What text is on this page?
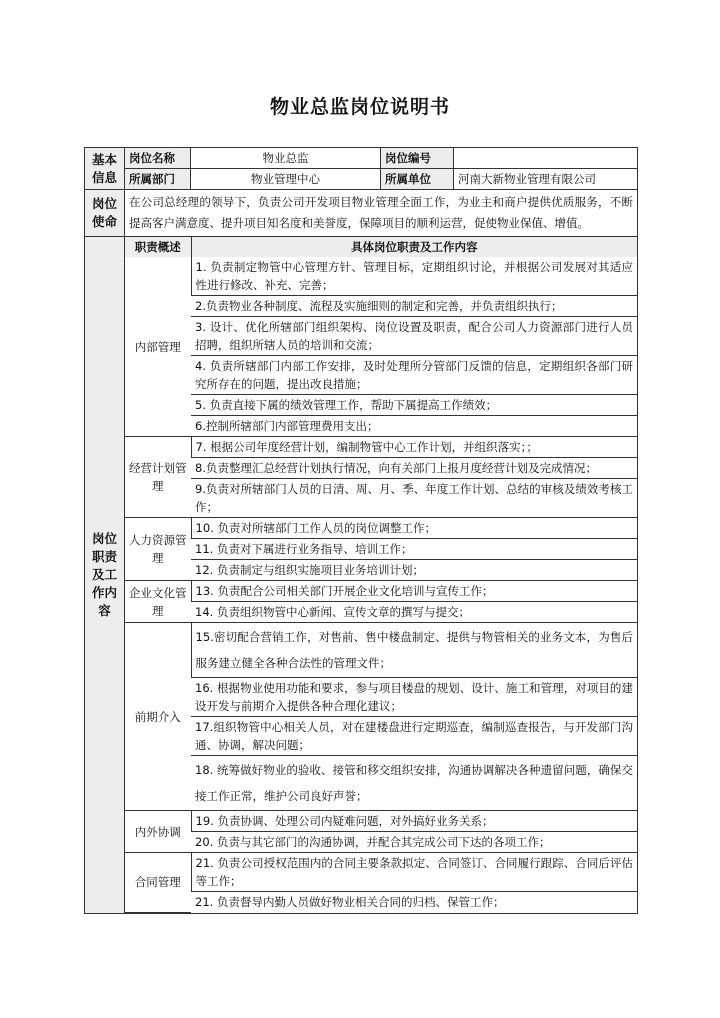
物业总监岗位说明书
基本信息	岗位名称	物业总监	岗位编号	
所属部门	物业管理中心	所属单位	河南大新物业管理有限公司
岗位使命	在公司总经理的领导下，负责公司开发项目物业管理全面工作，为业主和商户提供优质服务，不断提高客户满意度、提升项目知名度和美誉度，保障项目的顺利运营，促使物业保值、增值。
岗位职责及工作内容	
职责概述	具体岗位职责及工作内容
内部管理	1. 负责制定物管中心管理方针、管理目标，定期组织讨论，并根据公司发展对其适应性进行修改、补充、完善；
2.负责物业各种制度、流程及实施细则的制定和完善，并负责组织执行；
3. 设计、优化所辖部门组织架构、岗位设置及职责，配合公司人力资源部门进行人员招聘，组织所辖人员的培训和交流；
4. 负责所辖部门内部工作安排，及时处理所分管部门反馈的信息，定期组织各部门研究所存在的问题，提出改良措施；
5. 负责直接下属的绩效管理工作，帮助下属提高工作绩效；
6.控制所辖部门内部管理费用支出；
经营计划管理	7. 根据公司年度经营计划，编制物管中心工作计划，并组织落实；；
8.负责整理汇总经营计划执行情况，向有关部门上报月度经营计划及完成情况；
9.负责对所辖部门人员的日清、周、月、季、年度工作计划、总结的审核及绩效考核工作；
人力资源管理	10. 负责对所辖部门工作人员的岗位调整工作；
11. 负责对下属进行业务指导、培训工作；
12. 负责制定与组织实施项目业务培训计划；
企业文化管理	13. 负责配合公司相关部门开展企业文化培训与宣传工作；
14. 负责组织物管中心新闻、宣传文章的撰写与提交；
前期介入	15.密切配合营销工作，对售前、售中楼盘制定、提供与物管相关的业务文本，为售后服务建立健全各种合法性的管理文件；
16. 根据物业使用功能和要求，参与项目楼盘的规划、设计、施工和管理，对项目的建设开发与前期介入提供各种合理化建议；
17.组织物管中心相关人员，对在建楼盘进行定期巡查，编制巡查报告，与开发部门沟通、协调，解决问题；
18. 统筹做好物业的验收、接管和移交组织安排，沟通协调解决各种遗留问题，确保交接工作正常，维护公司良好声誉；
内外协调	19. 负责协调、处理公司内疑难问题，对外搞好业务关系；
20. 负责与其它部门的沟通协调，并配合其完成公司下达的各项工作；
合同管理	21. 负责公司授权范围内的合同主要条款拟定、合同签订、合同履行跟踪、合同后评估等工作；
21. 负责督导内勤人员做好物业相关合同的归档、保管工作；
